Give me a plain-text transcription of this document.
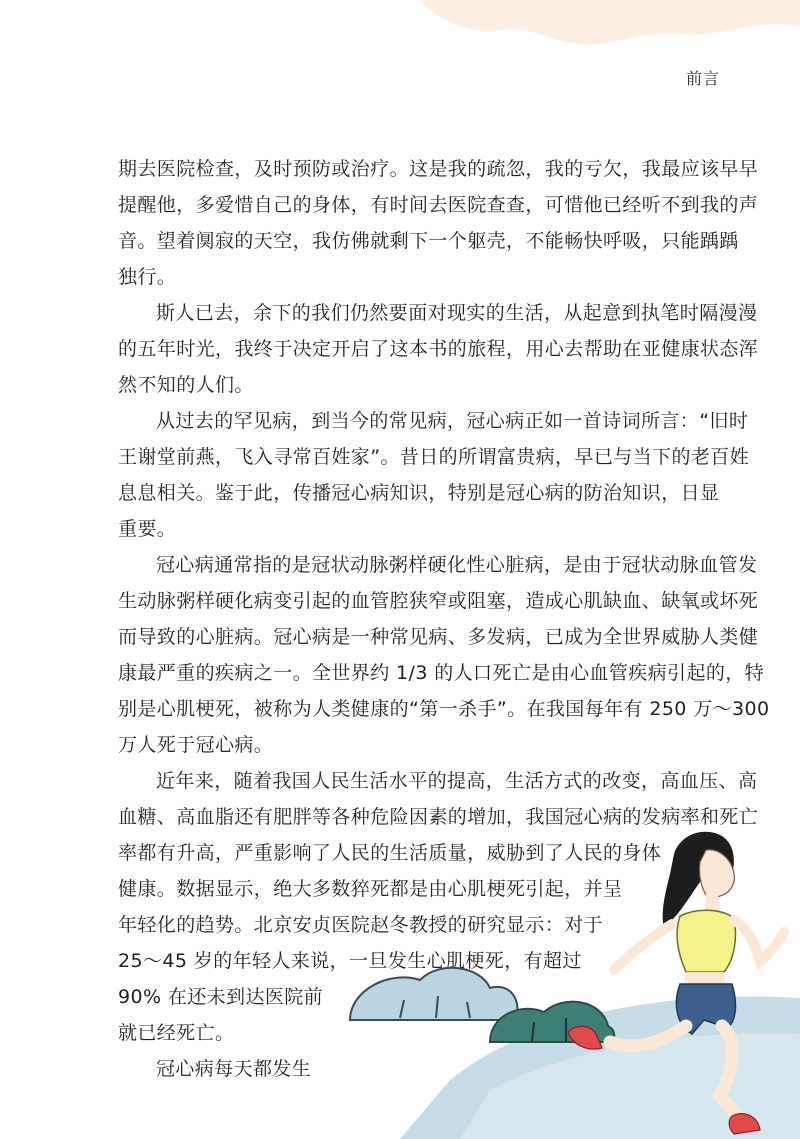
前言
期去医院检查，及时预防或治疗。这是我的疏忽，我的亏欠，我最应该早早
提醒他，多爱惜自己的身体，有时间去医院查查，可惜他已经听不到我的声
音。望着阒寂的天空，我仿佛就剩下一个躯壳，不能畅快呼吸，只能踽踽
独行。
斯人已去，余下的我们仍然要面对现实的生活，从起意到执笔时隔漫漫
的五年时光，我终于决定开启了这本书的旅程，用心去帮助在亚健康状态浑
然不知的人们。
从过去的罕见病，到当今的常见病，冠心病正如一首诗词所言：“旧时
王谢堂前燕，飞入寻常百姓家”。昔日的所谓富贵病，早已与当下的老百姓
息息相关。鉴于此，传播冠心病知识，特别是冠心病的防治知识，日显
重要。
冠心病通常指的是冠状动脉粥样硬化性心脏病，是由于冠状动脉血管发
生动脉粥样硬化病变引起的血管腔狭窄或阻塞，造成心肌缺血、缺氧或坏死
而导致的心脏病。冠心病是一种常见病、多发病，已成为全世界威胁人类健
康最严重的疾病之一。全世界约 1/3 的人口死亡是由心血管疾病引起的，特
别是心肌梗死，被称为人类健康的“第一杀手”。在我国每年有 250 万～300
万人死于冠心病。
近年来，随着我国人民生活水平的提高，生活方式的改变，高血压、高
血糖、高血脂还有肥胖等各种危险因素的增加，我国冠心病的发病率和死亡
率都有升高，严重影响了人民的生活质量，威胁到了人民的身体
健康。数据显示，绝大多数猝死都是由心肌梗死引起，并呈
年轻化的趋势。北京安贞医院赵冬教授的研究显示：对于
25～45 岁的年轻人来说，一旦发生心肌梗死，有超过
90% 在还未到达医院前
就已经死亡。
冠心病每天都发生
